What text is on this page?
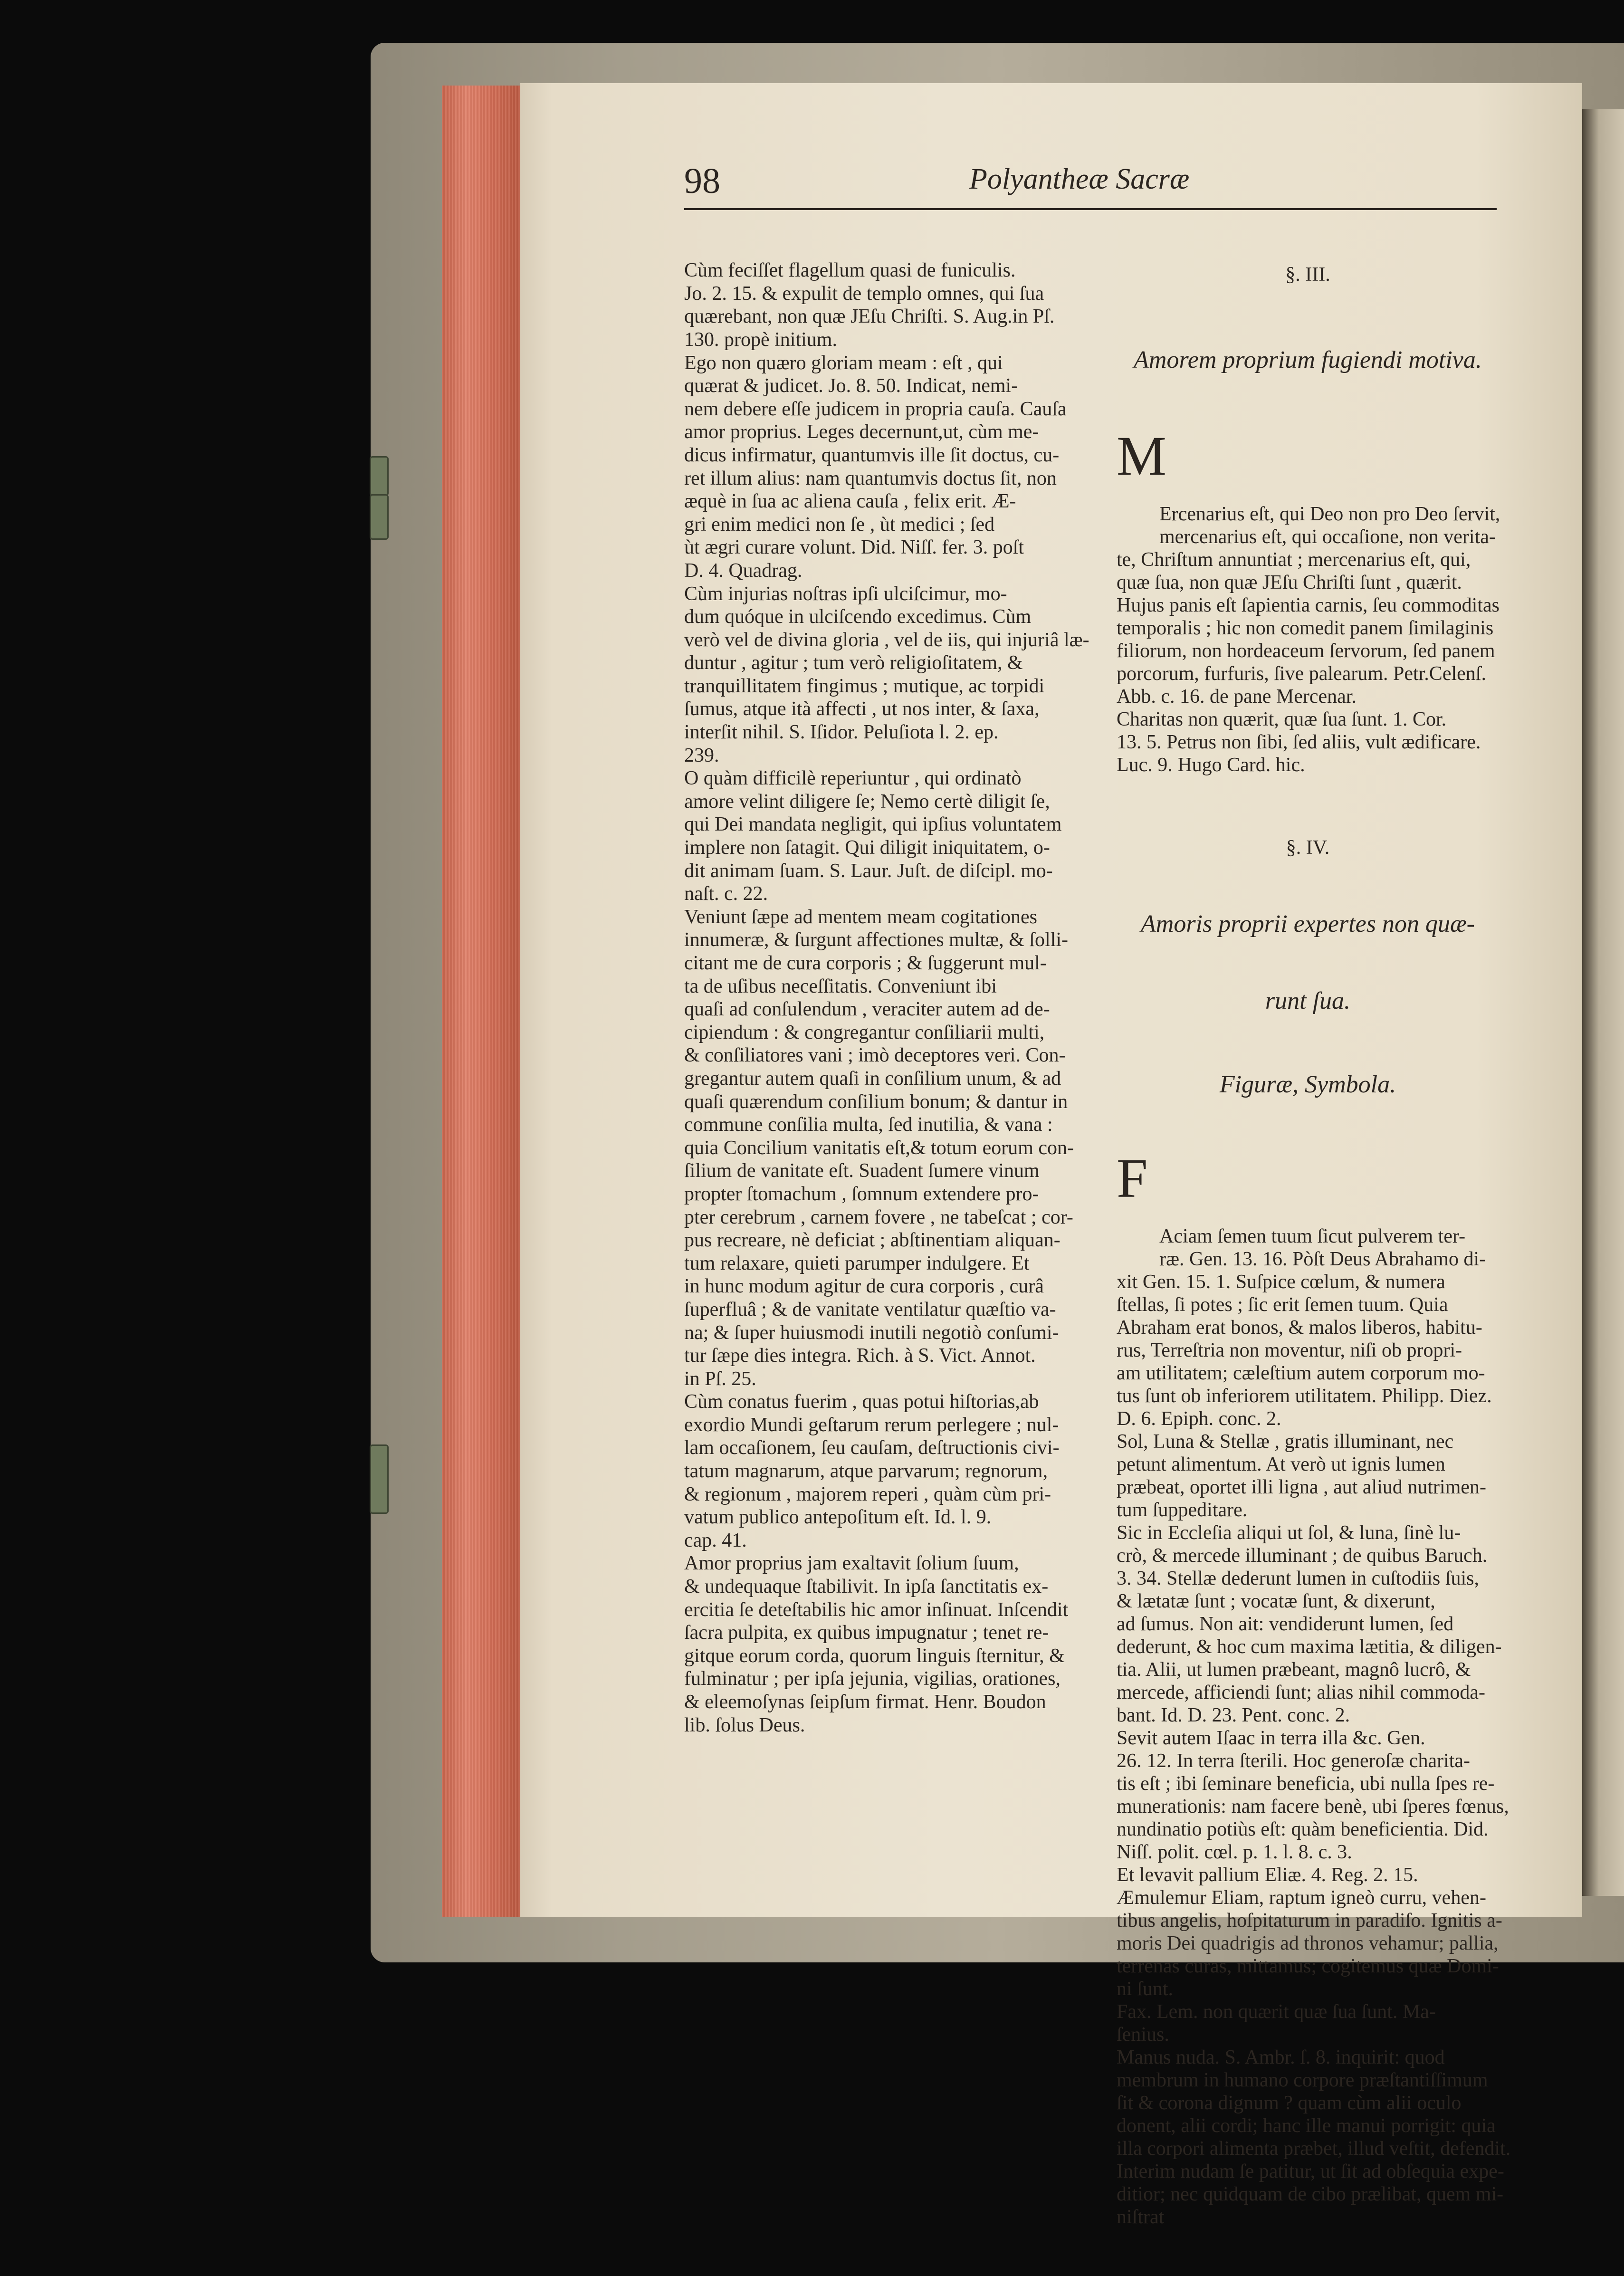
98	Polyantheæ Sacræ

Cùm feciſſet flagellum quasi de funiculis.
Jo. 2. 15. & expulit de templo omnes, qui ſua
quærebant, non quæ JEſu Chriſti. S. Aug.in Pſ.
130. propè initium.
Ego non quæro gloriam meam : eſt , qui
quærat & judicet. Jo. 8. 50. Indicat, nemi-
nem debere eſſe judicem in propria cauſa. Cauſa
amor proprius. Leges decernunt,ut, cùm me-
dicus infirmatur, quantumvis ille ſit doctus, cu-
ret illum alius: nam quantumvis doctus ſit, non
æquè in ſua ac aliena cauſa , felix erit. Æ-
gri enim medici non ſe , ùt medici ; ſed
ùt ægri curare volunt. Did. Niſſ. fer. 3. poſt
D. 4. Quadrag.
Cùm injurias noſtras ipſi ulciſcimur, mo-
dum quóque in ulciſcendo excedimus. Cùm
verò vel de divina gloria , vel de iis, qui injuriâ læ-
duntur , agitur ; tum verò religioſitatem, &
tranquillitatem fingimus ; mutique, ac torpidi
ſumus, atque ità affecti , ut nos inter, & ſaxa,
interſit nihil. S. Iſidor. Peluſiota l. 2. ep.
239.
O quàm difficilè reperiuntur , qui ordinatò
amore velint diligere ſe; Nemo certè diligit ſe,
qui Dei mandata negligit, qui ipſius voluntatem
implere non ſatagit. Qui diligit iniquitatem, o-
dit animam ſuam. S. Laur. Juſt. de diſcipl. mo-
naſt. c. 22.
Veniunt ſæpe ad mentem meam cogitationes
innumeræ, & ſurgunt affectiones multæ, & ſolli-
citant me de cura corporis ; & ſuggerunt mul-
ta de uſibus neceſſitatis. Conveniunt ibi
quaſi ad conſulendum , veraciter autem ad de-
cipiendum : & congregantur conſiliarii multi,
& conſiliatores vani ; imò deceptores veri. Con-
gregantur autem quaſi in conſilium unum, & ad
quaſi quærendum conſilium bonum; & dantur in
commune conſilia multa, ſed inutilia, & vana :
quia Concilium vanitatis eſt,& totum eorum con-
ſilium de vanitate eſt. Suadent ſumere vinum
propter ſtomachum , ſomnum extendere pro-
pter cerebrum , carnem fovere , ne tabeſcat ; cor-
pus recreare, nè deficiat ; abſtinentiam aliquan-
tum relaxare, quieti parumper indulgere. Et
in hunc modum agitur de cura corporis , curâ
ſuperfluâ ; & de vanitate ventilatur quæſtio va-
na; & ſuper huiusmodi inutili negotiò conſumi-
tur ſæpe dies integra. Rich. à S. Vict. Annot.
in Pſ. 25.
Cùm conatus fuerim , quas potui hiſtorias,ab
exordio Mundi geſtarum rerum perlegere ; nul-
lam occaſionem, ſeu cauſam, deſtructionis civi-
tatum magnarum, atque parvarum; regnorum,
& regionum , majorem reperi , quàm cùm pri-
vatum publico antepoſitum eſt. Id. l. 9.
cap. 41.
Amor proprius jam exaltavit ſolium ſuum,
& undequaque ſtabilivit. In ipſa ſanctitatis ex-
ercitia ſe deteſtabilis hic amor inſinuat. Inſcendit
ſacra pulpita, ex quibus impugnatur ; tenet re-
gitque eorum corda, quorum linguis ſternitur, &
fulminatur ; per ipſa jejunia, vigilias, orationes,
& eleemoſynas ſeipſum firmat. Henr. Boudon
lib. ſolus Deus.

§. III.

Amorem proprium fugiendi motiva.

M

Ercenarius eſt, qui Deo non pro Deo ſervit,
mercenarius eſt, qui occaſione, non verita-
te, Chriſtum annuntiat ; mercenarius eſt, qui,
quæ ſua, non quæ JEſu Chriſti ſunt , quærit.
Hujus panis eſt ſapientia carnis, ſeu commoditas
temporalis ; hic non comedit panem ſimilaginis
filiorum, non hordeaceum ſervorum, ſed panem
porcorum, furfuris, ſive palearum. Petr.Celenſ.
Abb. c. 16. de pane Mercenar.
Charitas non quærit, quæ ſua ſunt. 1. Cor.
13. 5. Petrus non ſibi, ſed aliis, vult ædificare.
Luc. 9. Hugo Card. hic.

§. IV.

Amoris proprii expertes non quæ-

runt ſua.

Figuræ, Symbola.

F

Aciam ſemen tuum ſicut pulverem ter-
ræ. Gen. 13. 16. Pòſt Deus Abrahamo di-
xit Gen. 15. 1. Suſpice cœlum, & numera
ſtellas, ſi potes ; ſic erit ſemen tuum. Quia
Abraham erat bonos, & malos liberos, habitu-
rus, Terreſtria non moventur, niſi ob propri-
am utilitatem; cæleſtium autem corporum mo-
tus ſunt ob inferiorem utilitatem. Philipp. Diez.
D. 6. Epiph. conc. 2.
Sol, Luna & Stellæ , gratis illuminant, nec
petunt alimentum. At verò ut ignis lumen
præbeat, oportet illi ligna , aut aliud nutrimen-
tum ſuppeditare.
Sic in Eccleſia aliqui ut ſol, & luna, ſinè lu-
crò, & mercede illuminant ; de quibus Baruch.
3. 34. Stellæ dederunt lumen in cuſtodiis ſuis,
& lætatæ ſunt ; vocatæ ſunt, & dixerunt,
ad ſumus. Non ait: vendiderunt lumen, ſed
dederunt, & hoc cum maxima lætitia, & diligen-
tia. Alii, ut lumen præbeant, magnô lucrô, &
mercede, afficiendi ſunt; alias nihil commoda-
bant. Id. D. 23. Pent. conc. 2.
Sevit autem Iſaac in terra illa &c. Gen.
26. 12. In terra ſterili. Hoc generoſæ charita-
tis eſt ; ibi ſeminare beneficia, ubi nulla ſpes re-
munerationis: nam facere benè, ubi ſperes fœnus,
nundinatio potiùs eſt: quàm beneficientia. Did.
Niſſ. polit. cœl. p. 1. l. 8. c. 3.
Et levavit pallium Eliæ. 4. Reg. 2. 15.
Æmulemur Eliam, raptum igneò curru, vehen-
tibus angelis, hoſpitaturum in paradiſo. Ignitis a-
moris Dei quadrigis ad thronos vehamur; pallia,
terrenas curas, mittamus; cogitemus quæ Domi-
ni ſunt.
Fax. Lem. non quærit quæ ſua ſunt. Ma-
ſenius.
Manus nuda. S. Ambr. ſ. 8. inquirit: quod
membrum in humano corpore præſtantiſſimum
ſit & corona dignum ? quam cùm alii oculo
donent, alii cordi; hanc ille manui porrigit: quia
illa corpori alimenta præbet, illud veſtit, defendit.
Interim nudam ſe patitur, ut ſit ad obſequia expe-
ditior; nec quidquam de cibo prælibat, quem mi-
niſtrat
